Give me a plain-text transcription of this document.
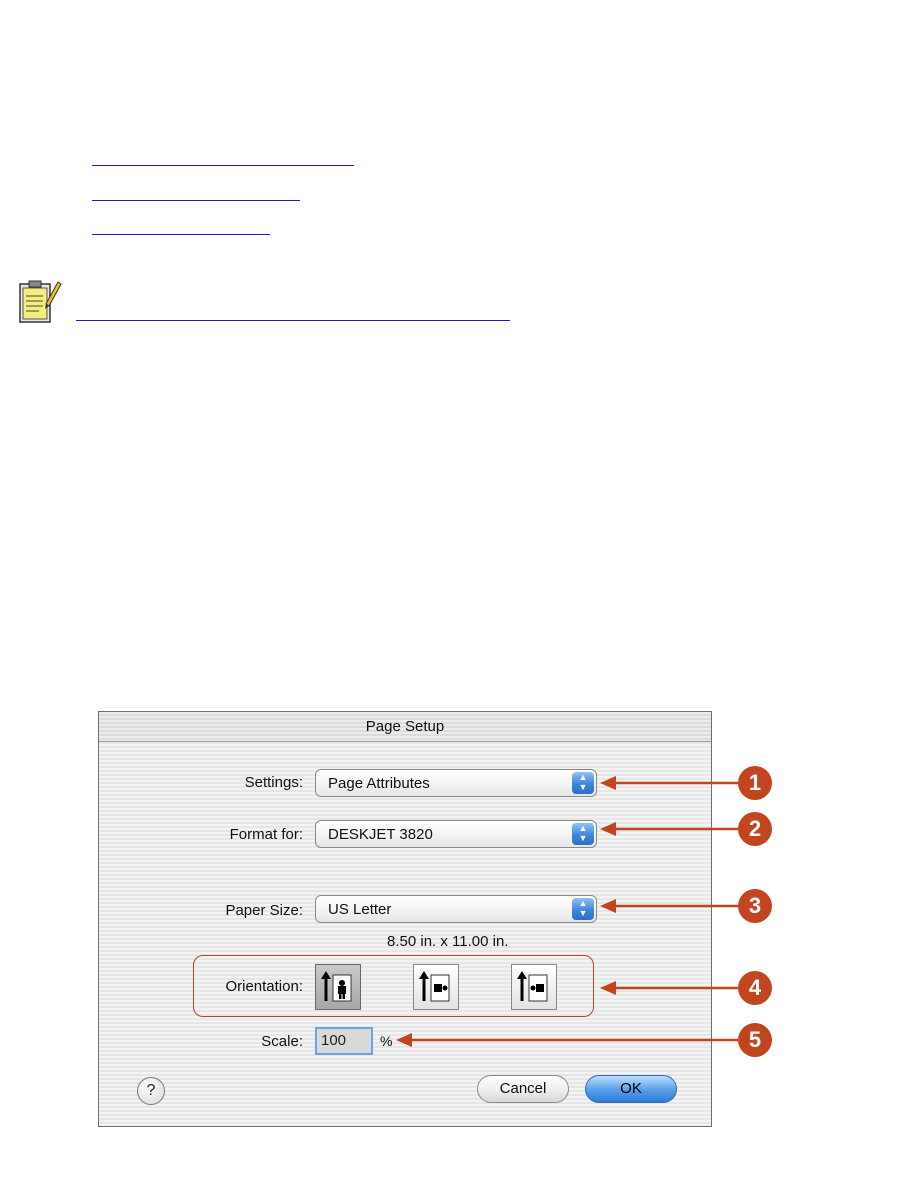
Page Setup
Settings: Page Attributes	▲
▼
Format for: DESKJET 3820	▲
▼
Paper Size: US Letter	▲
▼
8.50 in. x 11.00 in.
Orientation:
Scale:	100	%
?	Cancel	OK
1
2
3
4
5
